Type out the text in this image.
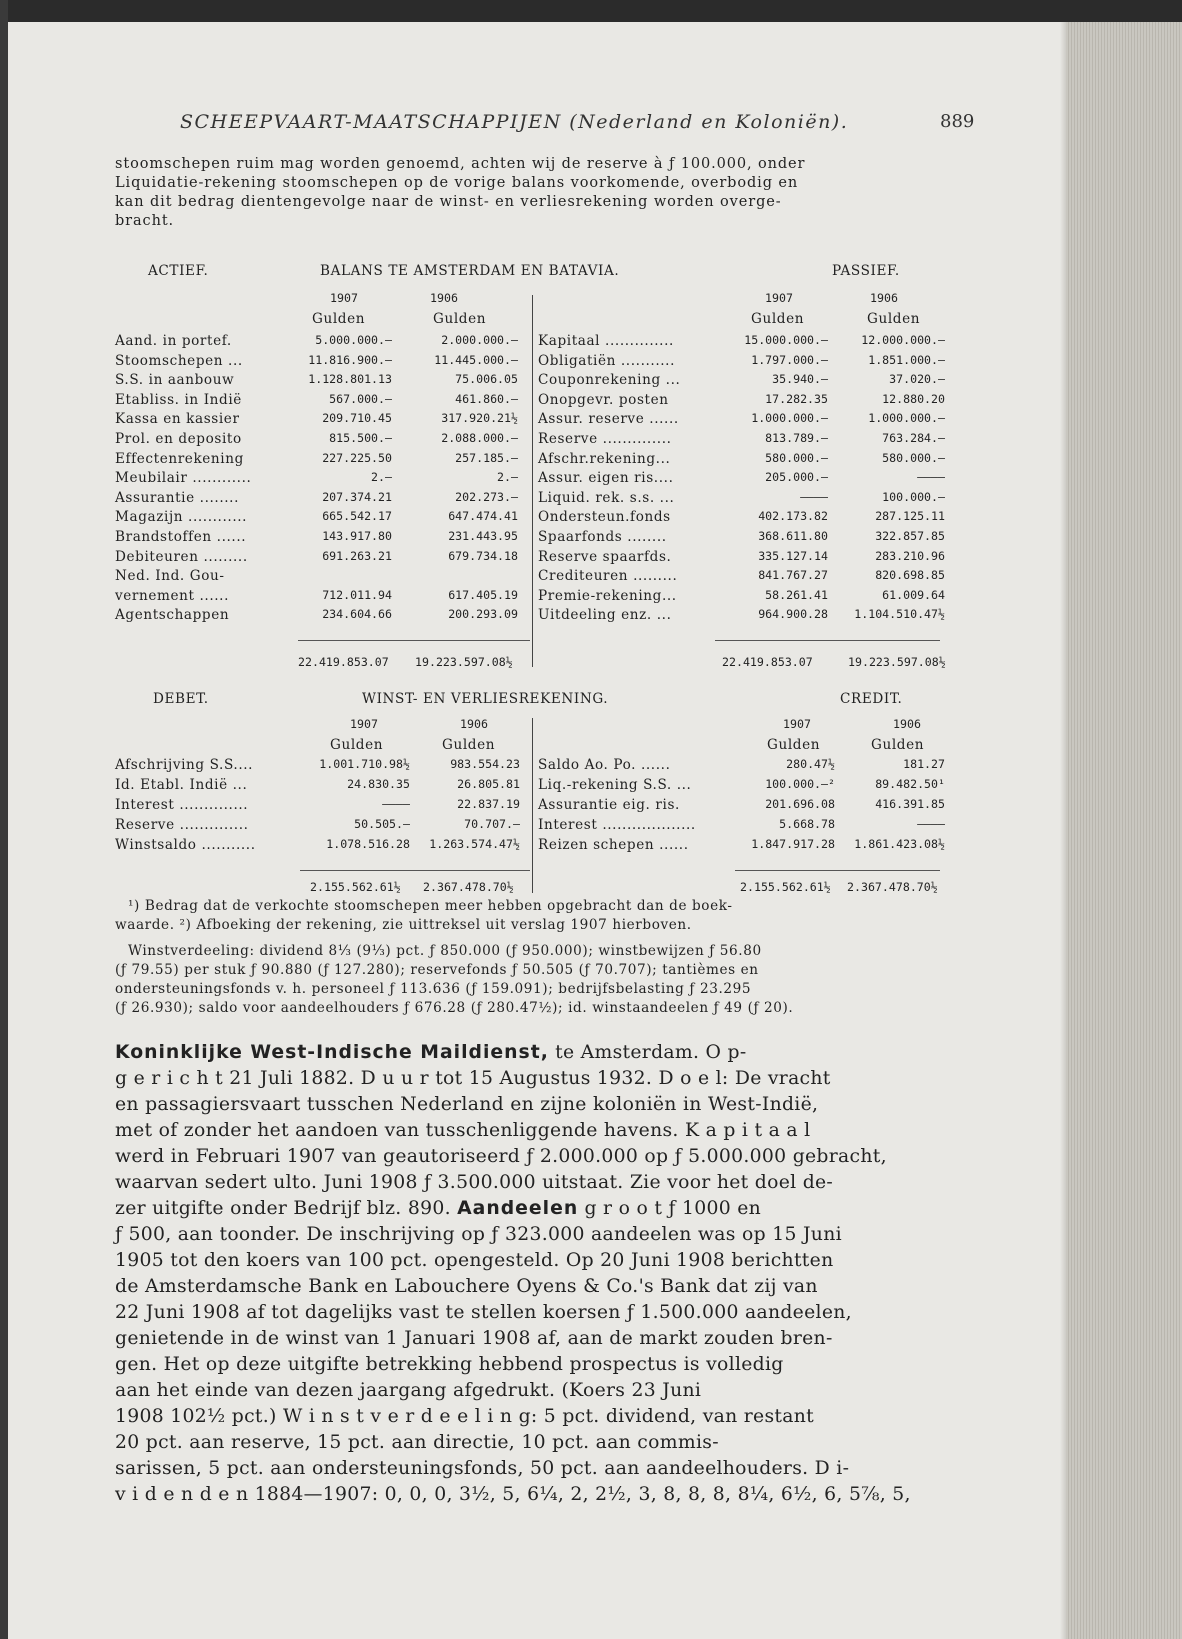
SCHEEPVAART-MAATSCHAPPIJEN (Nederland en Koloniën).	889
stoomschepen ruim mag worden genoemd, achten wij de reserve à ƒ 100.000, onder
Liquidatie-rekening stoomschepen op de vorige balans voorkomende, overbodig en
kan dit bedrag dientengevolge naar de winst- en verliesrekening worden overge-
bracht.
ACTIEF.	BALANS TE AMSTERDAM EN BATAVIA.	PASSIEF.
1907	1906	1907	1906
Gulden	Gulden	Gulden	Gulden
Aand. in portef.	5.000.000.—	2.000.000.—
Stoomschepen ...	11.816.900.—	11.445.000.—
S.S. in aanbouw	1.128.801.13	75.006.05
Etabliss. in Indië	567.000.—	461.860.—
Kassa en kassier	209.710.45	317.920.21½
Prol. en deposito	815.500.—	2.088.000.—
Effectenrekening	227.225.50	257.185.—
Meubilair ............	2.—	2.—
Assurantie ........	207.374.21	202.273.—
Magazijn ............	665.542.17	647.474.41
Brandstoffen ......	143.917.80	231.443.95
Debiteuren .........	691.263.21	679.734.18
Ned. Ind. Gou-
vernement ......	712.011.94	617.405.19
Agentschappen	234.604.66	200.293.09
Kapitaal ..............	15.000.000.—	12.000.000.—
Obligatiën ...........	1.797.000.—	1.851.000.—
Couponrekening ...	35.940.—	37.020.—
Onopgevr. posten	17.282.35	12.880.20
Assur. reserve ......	1.000.000.—	1.000.000.—
Reserve ..............	813.789.—	763.284.—
Afschr.rekening...	580.000.—	580.000.—
Assur. eigen ris....	205.000.—	————
Liquid. rek. s.s. ...	————	100.000.—
Ondersteun.fonds	402.173.82	287.125.11
Spaarfonds ........	368.611.80	322.857.85
Reserve spaarfds.	335.127.14	283.210.96
Crediteuren .........	841.767.27	820.698.85
Premie-rekening...	58.261.41	61.009.64
Uitdeeling enz. ...	964.900.28 1.104.510.47½
22.419.853.07 19.223.597.08½	22.419.853.07	19.223.597.08½
DEBET.	WINST- EN VERLIESREKENING.	CREDIT.
1907	1906	1907	1906
Gulden	Gulden	Gulden	Gulden
Afschrijving S.S....	1.001.710.98½	983.554.23
Id. Etabl. Indië ...	24.830.35	26.805.81
Interest ..............	————	22.837.19
Reserve ..............	50.505.—	70.707.—
Winstsaldo ...........	1.078.516.28 1.263.574.47½
Saldo Ao. Po. ......	280.47½	181.27
Liq.-rekening S.S. ...	100.000.—²	89.482.50¹
Assurantie eig. ris.	201.696.08	416.391.85
Interest ...................	5.668.78	————
Reizen schepen ......	1.847.917.28 1.861.423.08½
2.155.562.61½ 2.367.478.70½	2.155.562.61½ 2.367.478.70½
¹) Bedrag dat de verkochte stoomschepen meer hebben opgebracht dan de boek-
waarde. ²) Afboeking der rekening, zie uittreksel uit verslag 1907 hierboven.
Winstverdeeling: dividend 8⅓ (9⅓) pct. ƒ 850.000 (ƒ 950.000); winstbewijzen ƒ 56.80
(ƒ 79.55) per stuk ƒ 90.880 (ƒ 127.280); reservefonds ƒ 50.505 (ƒ 70.707); tantièmes en
ondersteuningsfonds v. h. personeel ƒ 113.636 (ƒ 159.091); bedrijfsbelasting ƒ 23.295
(ƒ 26.930); saldo voor aandeelhouders ƒ 676.28 (ƒ 280.47½); id. winstaandeelen ƒ 49 (ƒ 20).
Koninklijke West-Indische Maildienst, te Amsterdam. O p-
g e r i c h t 21 Juli 1882. D u u r tot 15 Augustus 1932. D o e l: De vracht
en passagiersvaart tusschen Nederland en zijne koloniën in West-Indië,
met of zonder het aandoen van tusschenliggende havens. K a p i t a a l
werd in Februari 1907 van geautoriseerd ƒ 2.000.000 op ƒ 5.000.000 gebracht,
waarvan sedert ulto. Juni 1908 ƒ 3.500.000 uitstaat. Zie voor het doel de-
zer uitgifte onder Bedrijf blz. 890. Aandeelen g r o o t ƒ 1000 en
ƒ 500, aan toonder. De inschrijving op ƒ 323.000 aandeelen was op 15 Juni
1905 tot den koers van 100 pct. opengesteld. Op 20 Juni 1908 berichtten
de Amsterdamsche Bank en Labouchere Oyens & Co.'s Bank dat zij van
22 Juni 1908 af tot dagelijks vast te stellen koersen ƒ 1.500.000 aandeelen,
genietende in de winst van 1 Januari 1908 af, aan de markt zouden bren-
gen. Het op deze uitgifte betrekking hebbend prospectus is volledig
aan het einde van dezen jaargang afgedrukt. (Koers 23 Juni
1908 102½ pct.) W i n s t v e r d e e l i n g: 5 pct. dividend, van restant
20 pct. aan reserve, 15 pct. aan directie, 10 pct. aan commis-
sarissen, 5 pct. aan ondersteuningsfonds, 50 pct. aan aandeelhouders. D i-
v i d e n d e n 1884—1907: 0, 0, 0, 3½, 5, 6¼, 2, 2½, 3, 8, 8, 8, 8¼, 6½, 6, 5⅞, 5,
